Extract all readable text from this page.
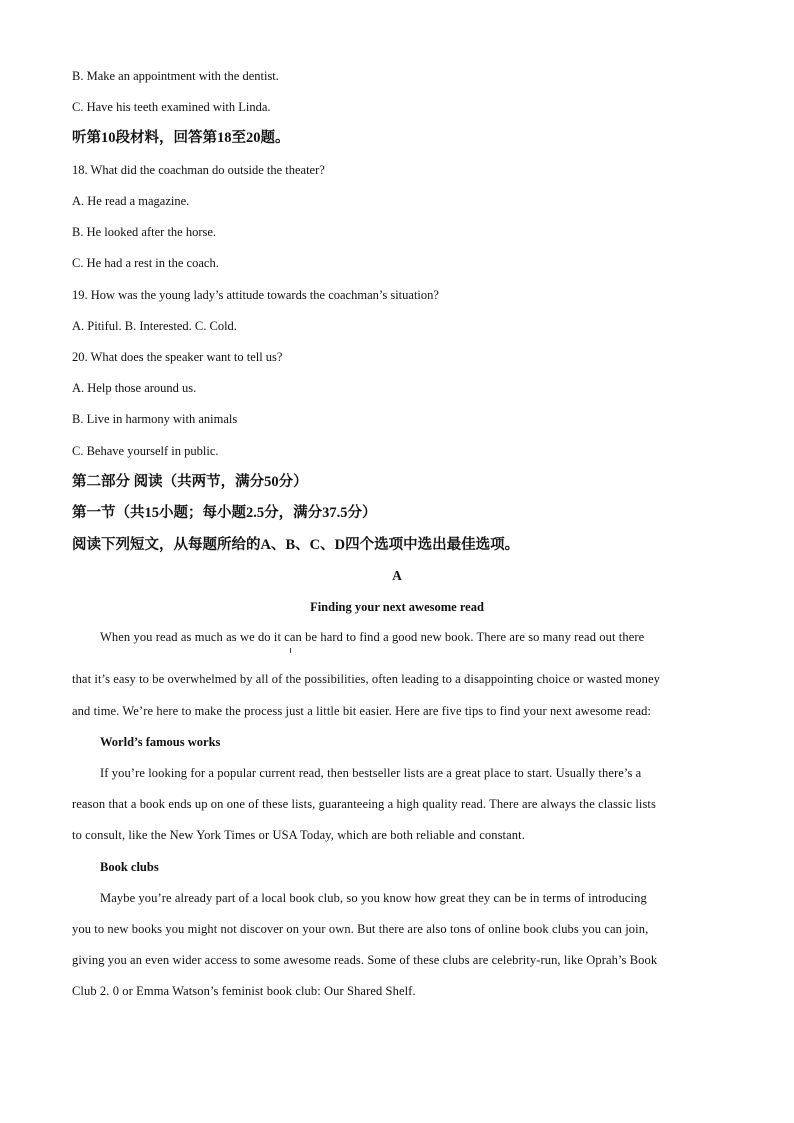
B. Make an appointment with the dentist.

C. Have his teeth examined with Linda.

听第10段材料，回答第18至20题。

18. What did the coachman do outside the theater?

A. He read a magazine.

B. He looked after the horse.

C. He had a rest in the coach.

19. How was the young lady’s attitude towards the coachman’s situation?

A. Pitiful. B. Interested. C. Cold.

20. What does the speaker want to tell us?

A. Help those around us.

B. Live in harmony with animals

C. Behave yourself in public.

第二部分 阅读（共两节，满分50分）

第一节（共15小题；每小题2.5分，满分37.5分）

阅读下列短文，从每题所给的A、B、C、D四个选项中选出最佳选项。

A

Finding your next awesome read

When you read as much as we do it can be hard to find a good new book. There are so many read out there

that it’s easy to be overwhelmed by all of the possibilities, often leading to a disappointing choice or wasted money

and time. We’re here to make the process just a little bit easier. Here are five tips to find your next awesome read:

World’s famous works

If you’re looking for a popular current read, then bestseller lists are a great place to start. Usually there’s a

reason that a book ends up on one of these lists, guaranteeing a high quality read. There are always the classic lists

to consult, like the New York Times or USA Today, which are both reliable and constant.

Book clubs

Maybe you’re already part of a local book club, so you know how great they can be in terms of introducing

you to new books you might not discover on your own. But there are also tons of online book clubs you can join,

giving you an even wider access to some awesome reads. Some of these clubs are celebrity-run, like Oprah’s Book

Club 2. 0 or Emma Watson’s feminist book club: Our Shared Shelf.
